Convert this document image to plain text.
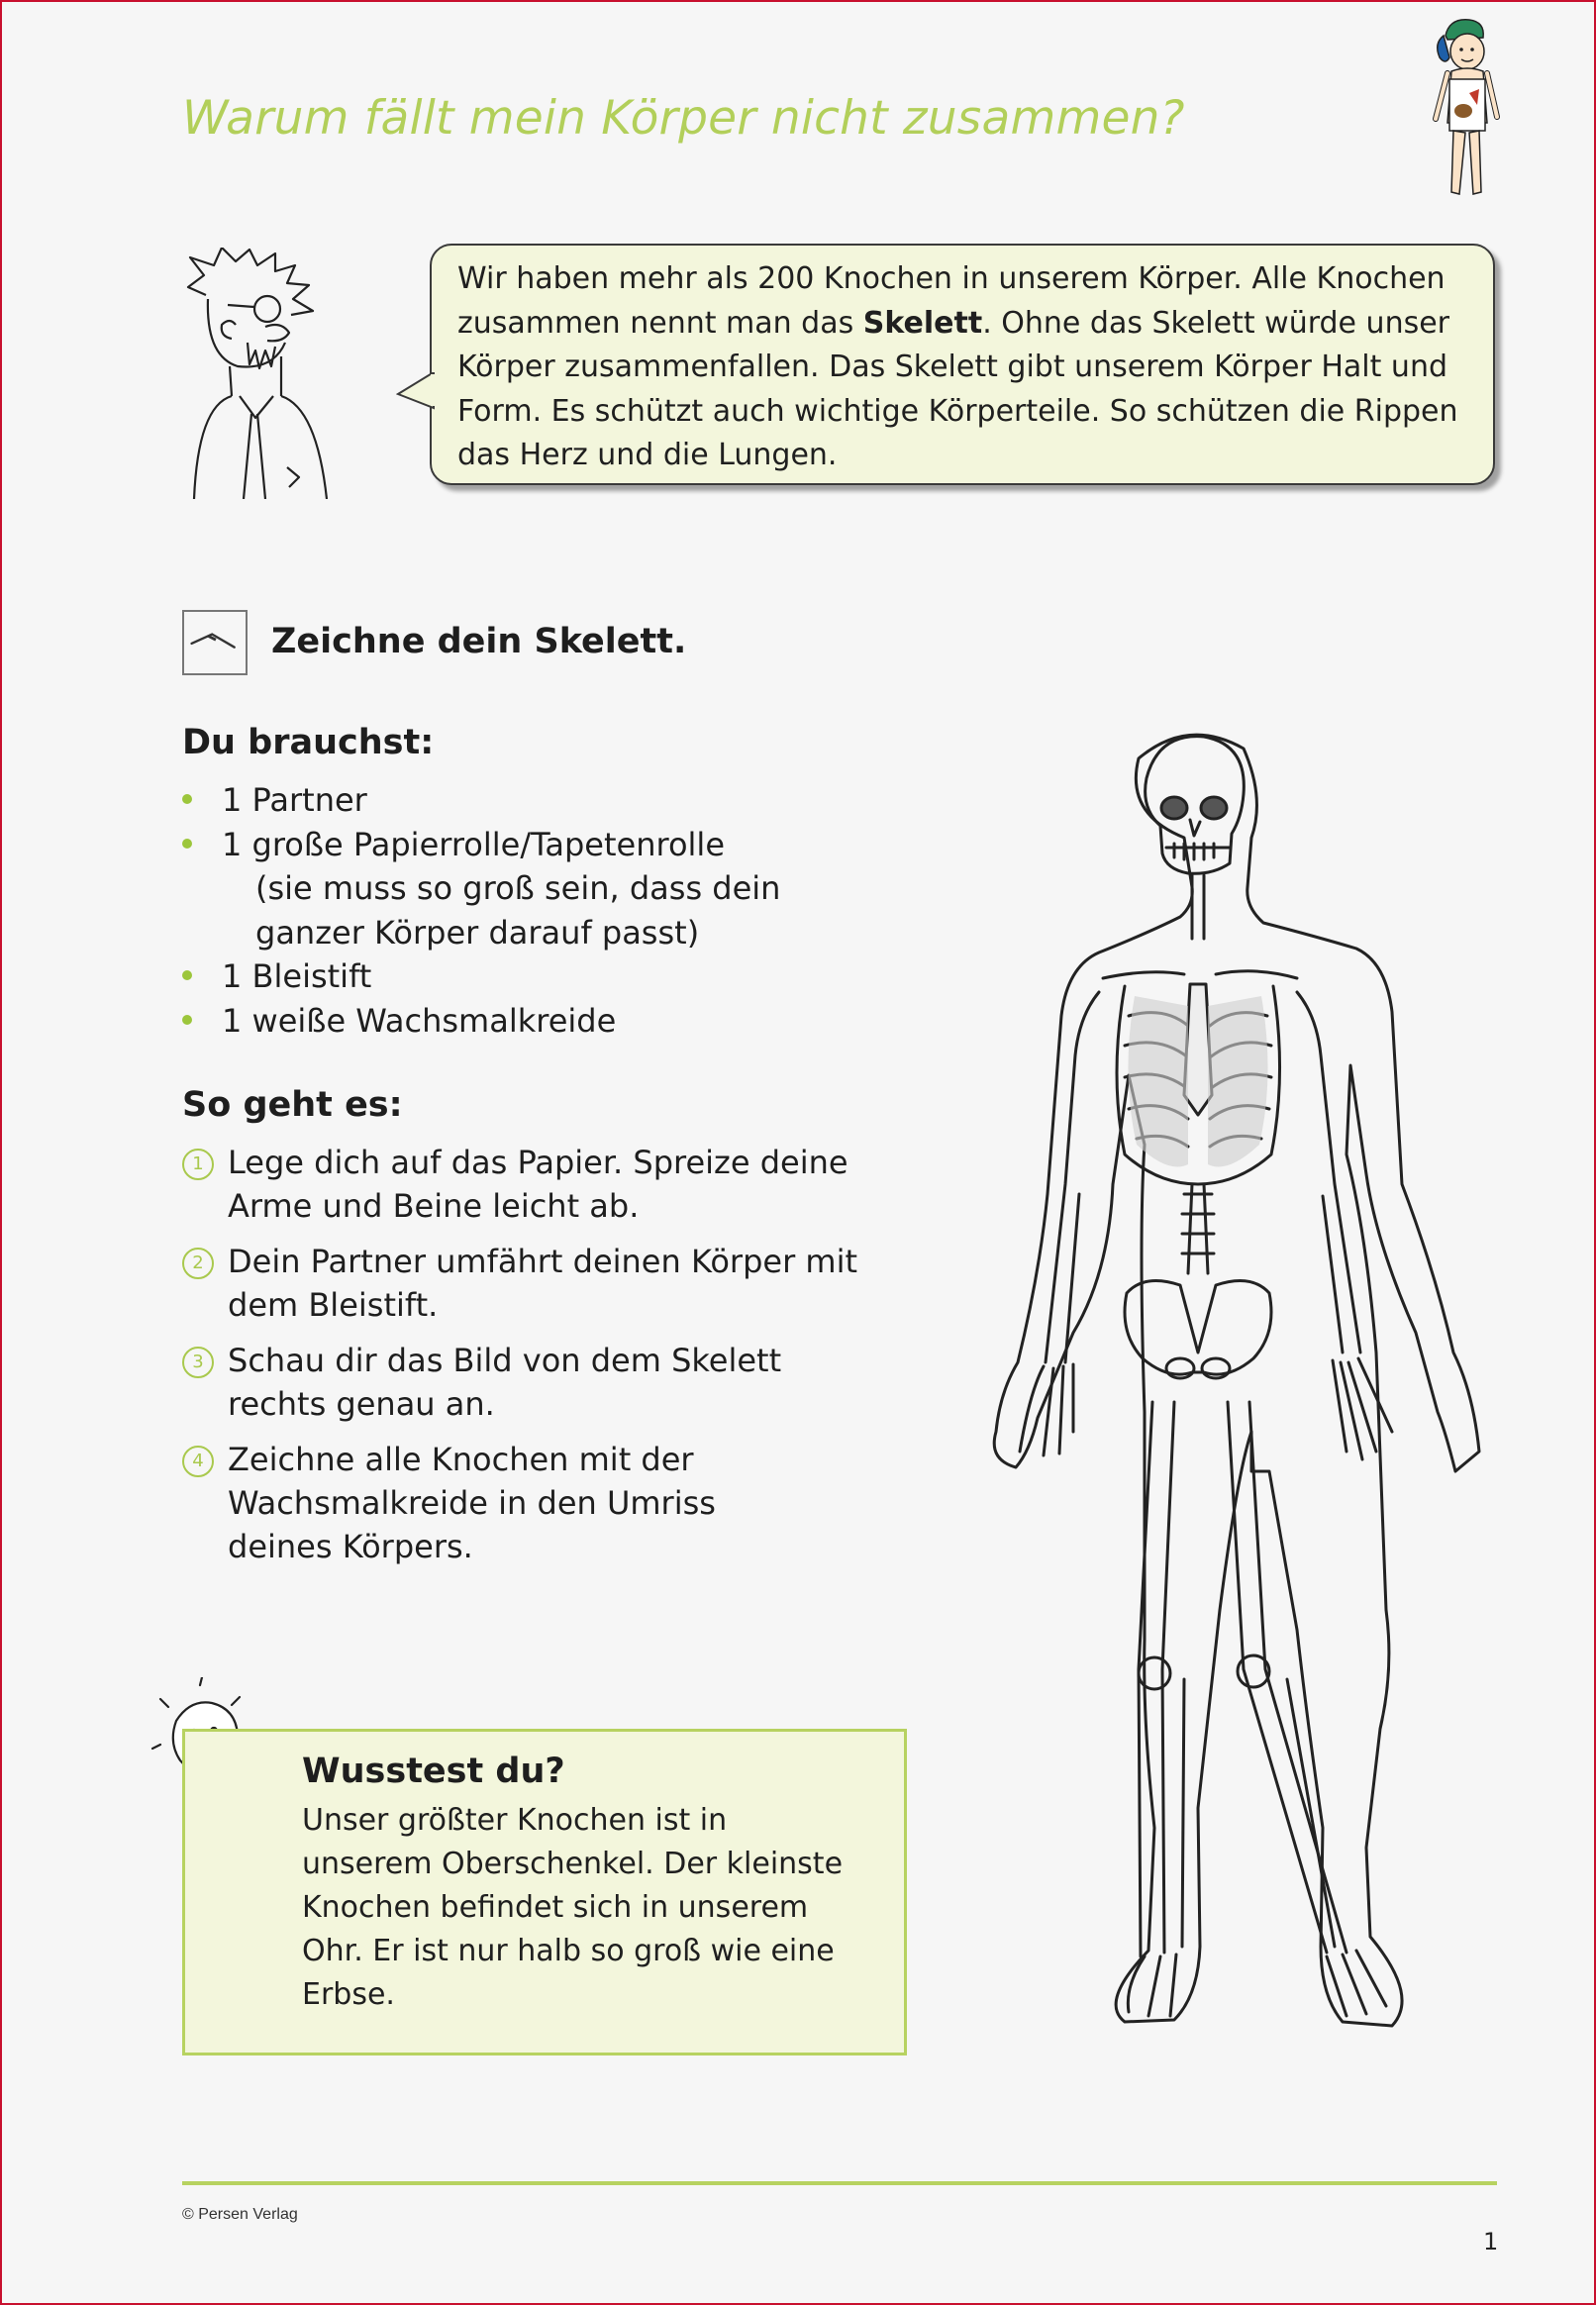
Warum fällt mein Körper nicht zusammen?
Wir haben mehr als 200 Knochen in unserem Körper. Alle Knochen zusammen nennt man das Skelett. Ohne das Skelett würde unser Körper zusammenfallen. Das Skelett gibt unserem Körper Halt und Form. Es schützt auch wichtige Körperteile. So schützen die Rippen das Herz und die Lungen.
Zeichne dein Skelett.
Du brauchst:
1 Partner
1 große Papierrolle/Tapetenrolle
(sie muss so groß sein, dass dein ganzer Körper darauf passt)
1 Bleistift
1 weiße Wachsmalkreide
So geht es:
1 Lege dich auf das Papier. Spreize deine Arme und Beine leicht ab.
2 Dein Partner umfährt deinen Körper mit dem Bleistift.
3 Schau dir das Bild von dem Skelett rechts genau an.
4 Zeichne alle Knochen mit der Wachsmalkreide in den Umriss deines Körpers.
Wusstest du?
Unser größter Knochen ist in unserem Oberschenkel. Der kleinste Knochen befindet sich in unserem Ohr. Er ist nur halb so groß wie eine Erbse.
© Persen Verlag
1
